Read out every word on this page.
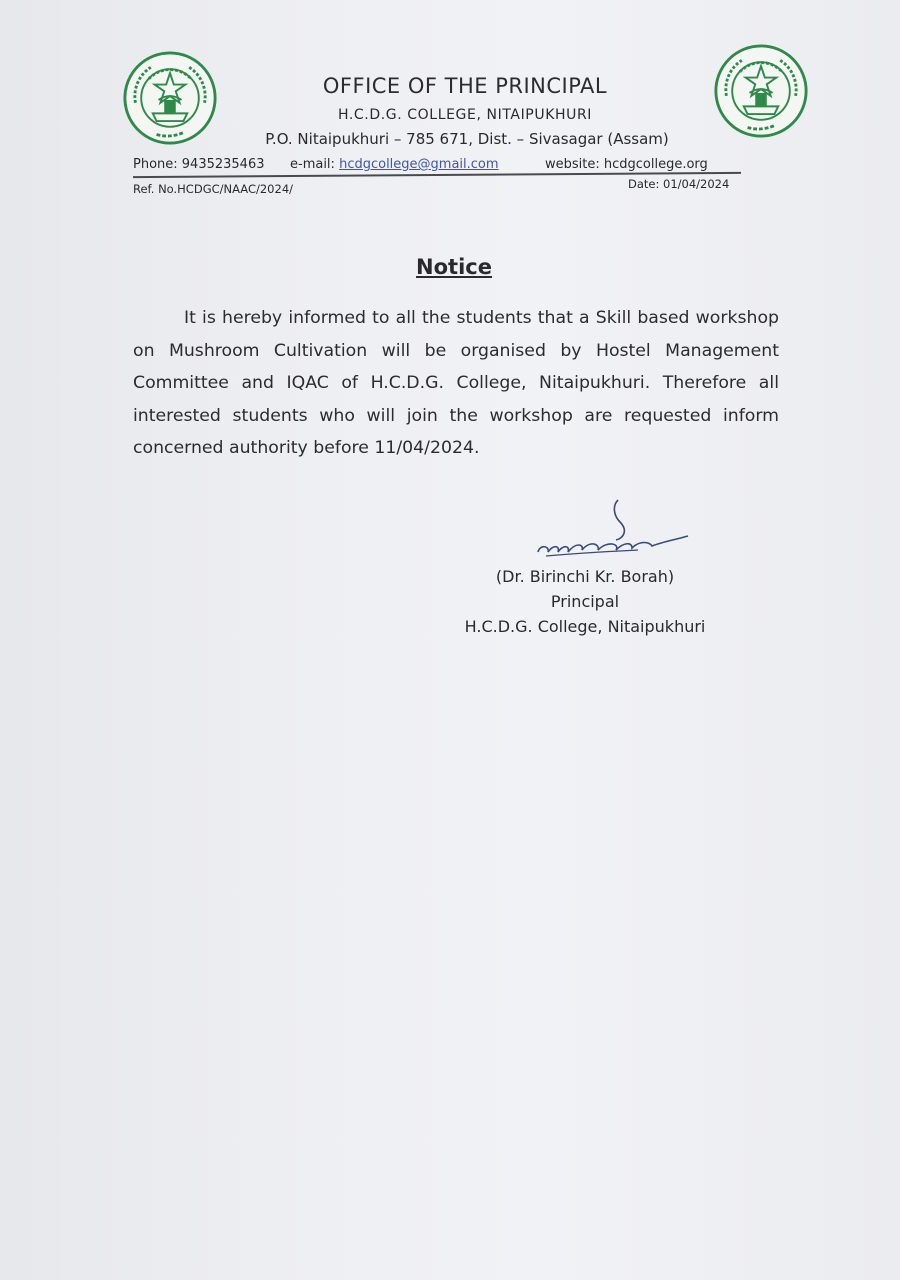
OFFICE OF THE PRINCIPAL
H.C.D.G. COLLEGE, NITAIPUKHURI
P.O. Nitaipukhuri – 785 671, Dist. – Sivasagar (Assam)
Phone: 9435235463 e-mail: hcdgcollege@gmail.com	website: hcdgcollege.org
Ref. No.HCDGC/NAAC/2024/	Date: 01/04/2024
Notice
It is hereby informed to all the students that a Skill based workshop on Mushroom Cultivation will be organised by Hostel Management Committee and IQAC of H.C.D.G. College, Nitaipukhuri. Therefore all interested students who will join the workshop are requested inform concerned authority before 11/04/2024.
(Dr. Birinchi Kr. Borah)
Principal
H.C.D.G. College, Nitaipukhuri
